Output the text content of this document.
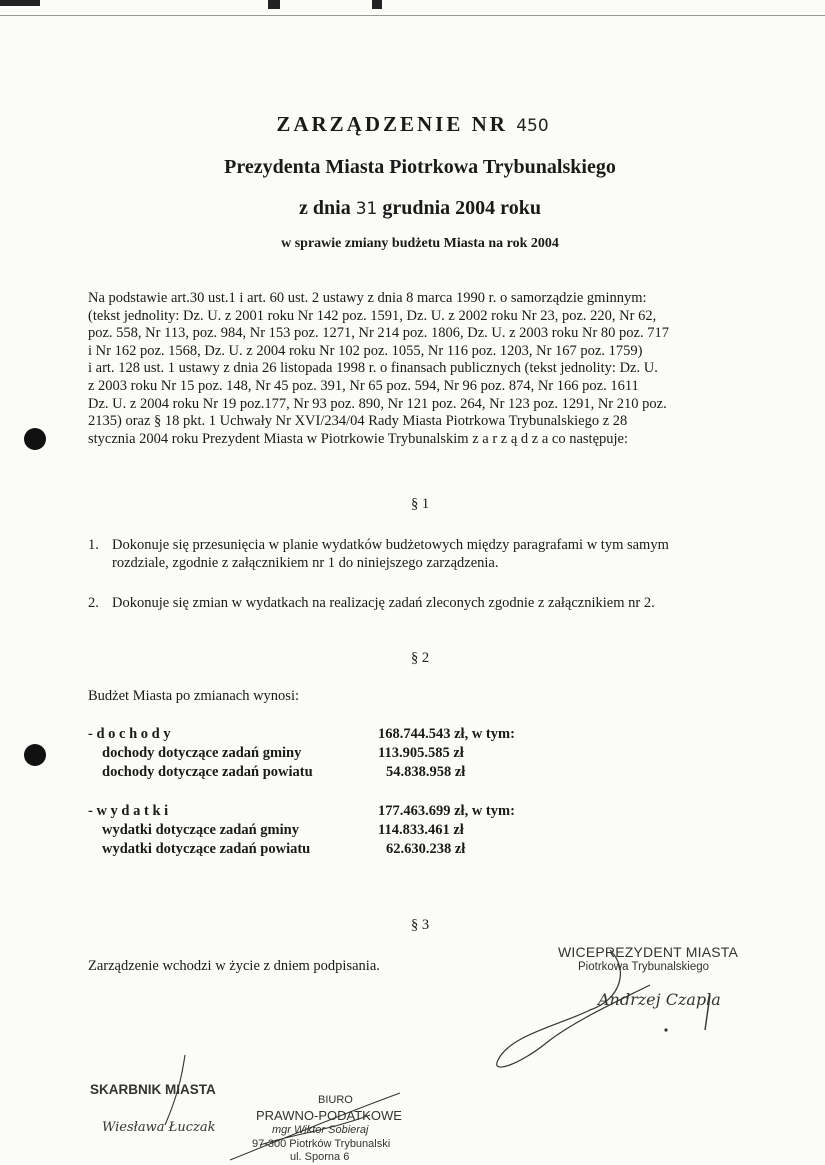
ZARZĄDZENIE NR 450
Prezydenta Miasta Piotrkowa Trybunalskiego
z dnia 31 grudnia 2004 roku
w sprawie zmiany budżetu Miasta na rok 2004
Na podstawie art.30 ust.1 i art. 60 ust. 2 ustawy z dnia 8 marca 1990 r. o samorządzie gminnym:
(tekst jednolity: Dz. U. z 2001 roku Nr 142 poz. 1591, Dz. U. z 2002 roku Nr 23, poz. 220, Nr 62,
poz. 558, Nr 113, poz. 984, Nr 153 poz. 1271, Nr 214 poz. 1806, Dz. U. z 2003 roku Nr 80 poz. 717
i Nr 162 poz. 1568, Dz. U. z 2004 roku Nr 102 poz. 1055, Nr 116 poz. 1203, Nr 167 poz. 1759)
i art. 128 ust. 1 ustawy z dnia 26 listopada 1998 r. o finansach publicznych (tekst jednolity: Dz. U.
z 2003 roku Nr 15 poz. 148, Nr 45 poz. 391, Nr 65 poz. 594, Nr 96 poz. 874, Nr 166 poz. 1611
Dz. U. z 2004 roku Nr 19 poz.177, Nr 93 poz. 890, Nr 121 poz. 264, Nr 123 poz. 1291, Nr 210 poz.
2135) oraz § 18 pkt. 1 Uchwały Nr XVI/234/04 Rady Miasta Piotrkowa Trybunalskiego z 28
stycznia 2004 roku Prezydent Miasta w Piotrkowie Trybunalskim z a r z ą d z a co następuje:
§ 1
1. Dokonuje się przesunięcia w planie wydatków budżetowych między paragrafami w tym samym
rozdziale, zgodnie z załącznikiem nr 1 do niniejszego zarządzenia.
2. Dokonuje się zmian w wydatkach na realizację zadań zleconych zgodnie z załącznikiem nr 2.
§ 2
Budżet Miasta po zmianach wynosi:
- d o c h o d y	168.744.543 zł, w tym:
dochody dotyczące zadań gminy	113.905.585 zł
dochody dotyczące zadań powiatu	54.838.958 zł
- w y d a t k i	177.463.699 zł, w tym:
wydatki dotyczące zadań gminy	114.833.461 zł
wydatki dotyczące zadań powiatu	62.630.238 zł
§ 3
Zarządzenie wchodzi w życie z dniem podpisania.
WICEPREZYDENT MIASTA
Piotrkowa Trybunalskiego
Andrzej Czapla
SKARBNIK MIASTA
Wiesława Łuczak
BIURO
PRAWNO-PODATKOWE
mgr Wiktor Sobieraj
97-300 Piotrków Trybunalski
ul. Sporna 6
